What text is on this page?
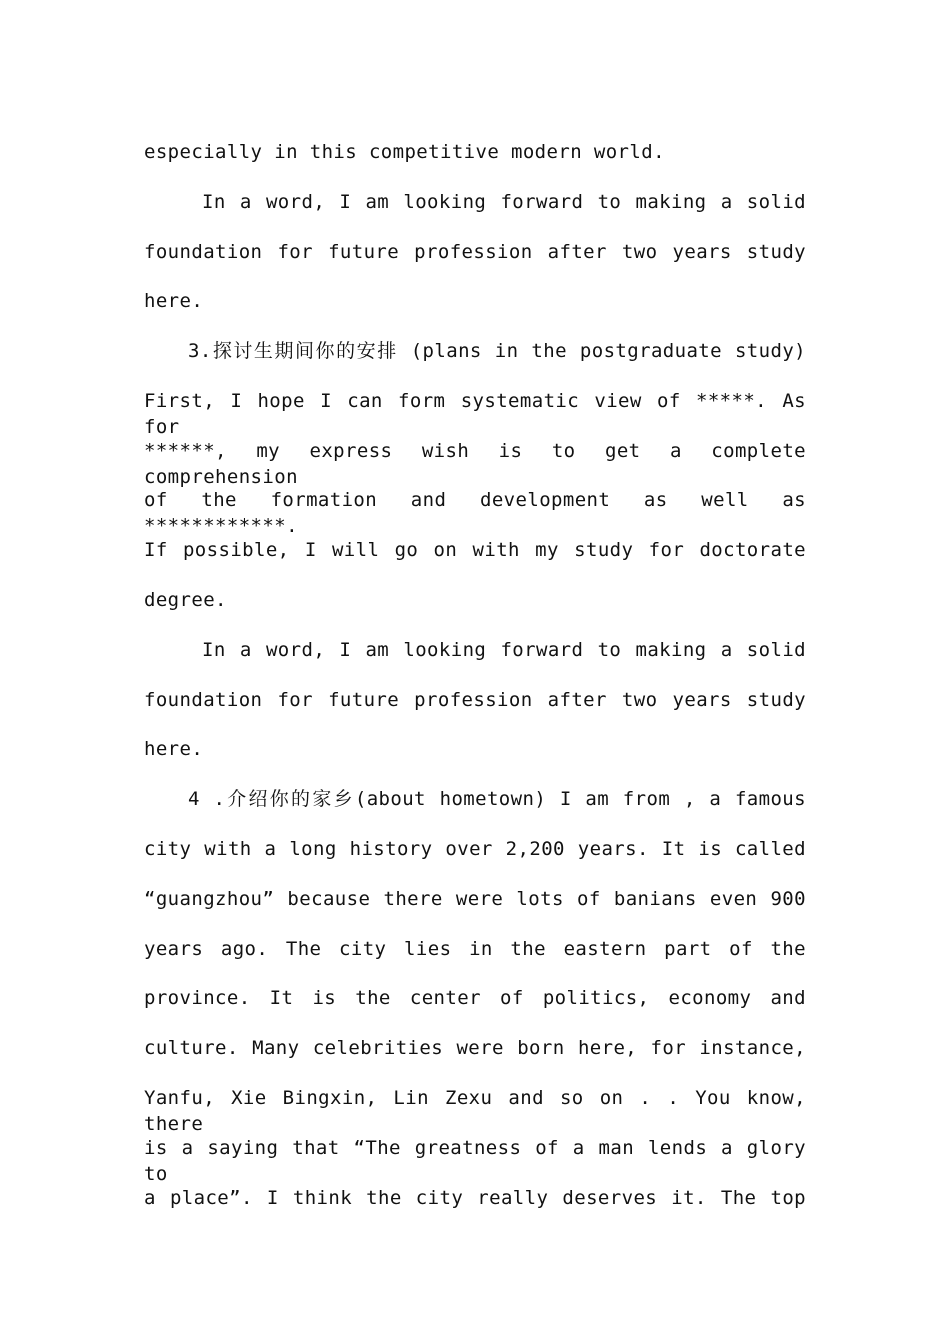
especially in this competitive modern world.
In a word, I am looking forward to making a solid
foundation for future profession after two years study
here.
3.探讨生期间你的安排 (plans in the postgraduate study)
First, I hope I can form systematic view of *****. As for
******, my express wish is to get a complete comprehension
of the formation and development as well as ************.
If possible, I will go on with my study for doctorate
degree.
In a word, I am looking forward to making a solid
foundation for future profession after two years study
here.
4 .介绍你的家乡(about hometown) I am from , a famous
city with a long history over 2,200 years. It is called
“guangzhou” because there were lots of banians even 900
years ago. The city lies in the eastern part of the
province. It is the center of politics, economy and
culture. Many celebrities were born here, for instance,
Yanfu, Xie Bingxin, Lin Zexu and so on . . You know, there
is a saying that “The greatness of a man lends a glory to
a place”. I think the city really deserves it. The top
